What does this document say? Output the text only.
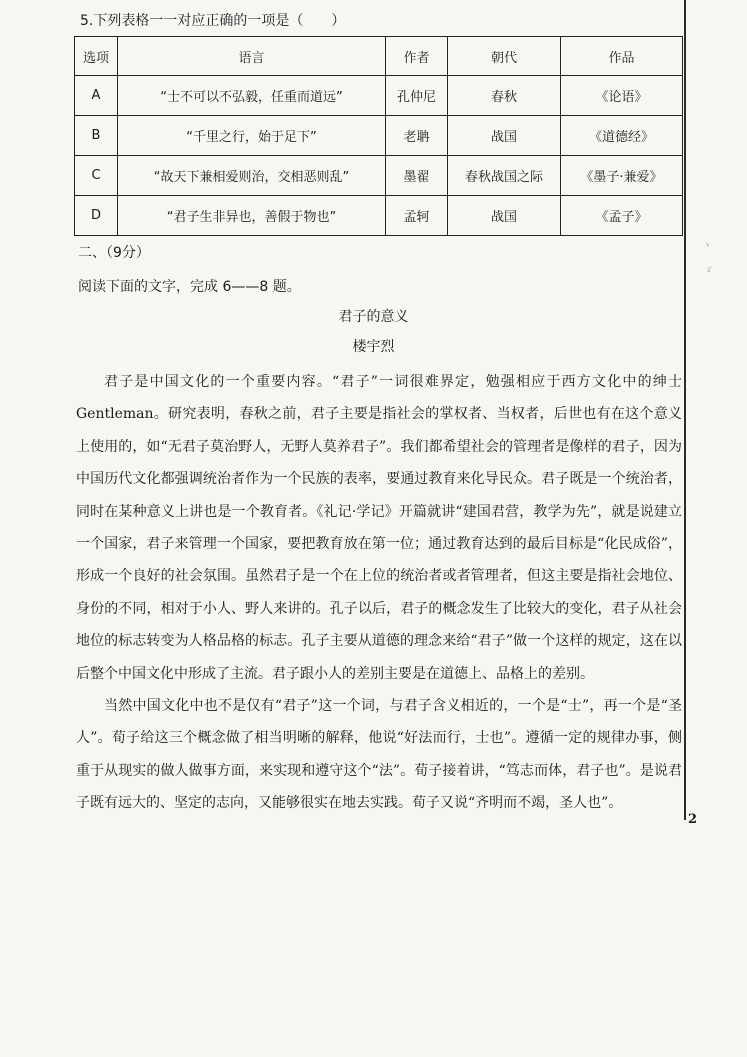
5.下列表格一一对应正确的一项是（　　）
选项	语言	作者	朝代	作品
A	“士不可以不弘毅，任重而道远”	孔仲尼	春秋	《论语》
B	“千里之行，始于足下”	老聃	战国	《道德经》
C	“故天下兼相爱则治，交相恶则乱”	墨翟	春秋战国之际	《墨子·兼爱》
D	“君子生非异也，善假于物也”	孟轲	战国	《孟子》
二、（9分）
阅读下面的文字，完成 6——8 题。
君子的意义
楼宇烈

君子是中国文化的一个重要内容。“君子”一词很难界定，勉强相应于西方文化中的绅士Gentleman。研究表明，春秋之前，君子主要是指社会的掌权者、当权者，后世也有在这个意义上使用的，如“无君子莫治野人，无野人莫养君子”。我们都希望社会的管理者是像样的君子，因为中国历代文化都强调统治者作为一个民族的表率，要通过教育来化导民众。君子既是一个统治者，同时在某种意义上讲也是一个教育者。《礼记·学记》开篇就讲“建国君营，教学为先”，就是说建立一个国家，君子来管理一个国家，要把教育放在第一位；通过教育达到的最后目标是“化民成俗”，形成一个良好的社会氛围。虽然君子是一个在上位的统治者或者管理者，但这主要是指社会地位、身份的不同，相对于小人、野人来讲的。孔子以后，君子的概念发生了比较大的变化，君子从社会地位的标志转变为人格品格的标志。孔子主要从道德的理念来给“君子”做一个这样的规定，这在以后整个中国文化中形成了主流。君子跟小人的差别主要是在道德上、品格上的差别。

当然中国文化中也不是仅有“君子”这一个词，与君子含义相近的，一个是“士”，再一个是“圣人”。荀子给这三个概念做了相当明晰的解释，他说“好法而行，士也”。遵循一定的规律办事，侧重于从现实的做人做事方面，来实现和遵守这个“法”。荀子接着讲，“笃志而体，君子也”。是说君子既有远大的、坚定的志向，又能够很实在地去实践。荀子又说“齐明而不竭，圣人也”。

2
ゝ
ゞ
